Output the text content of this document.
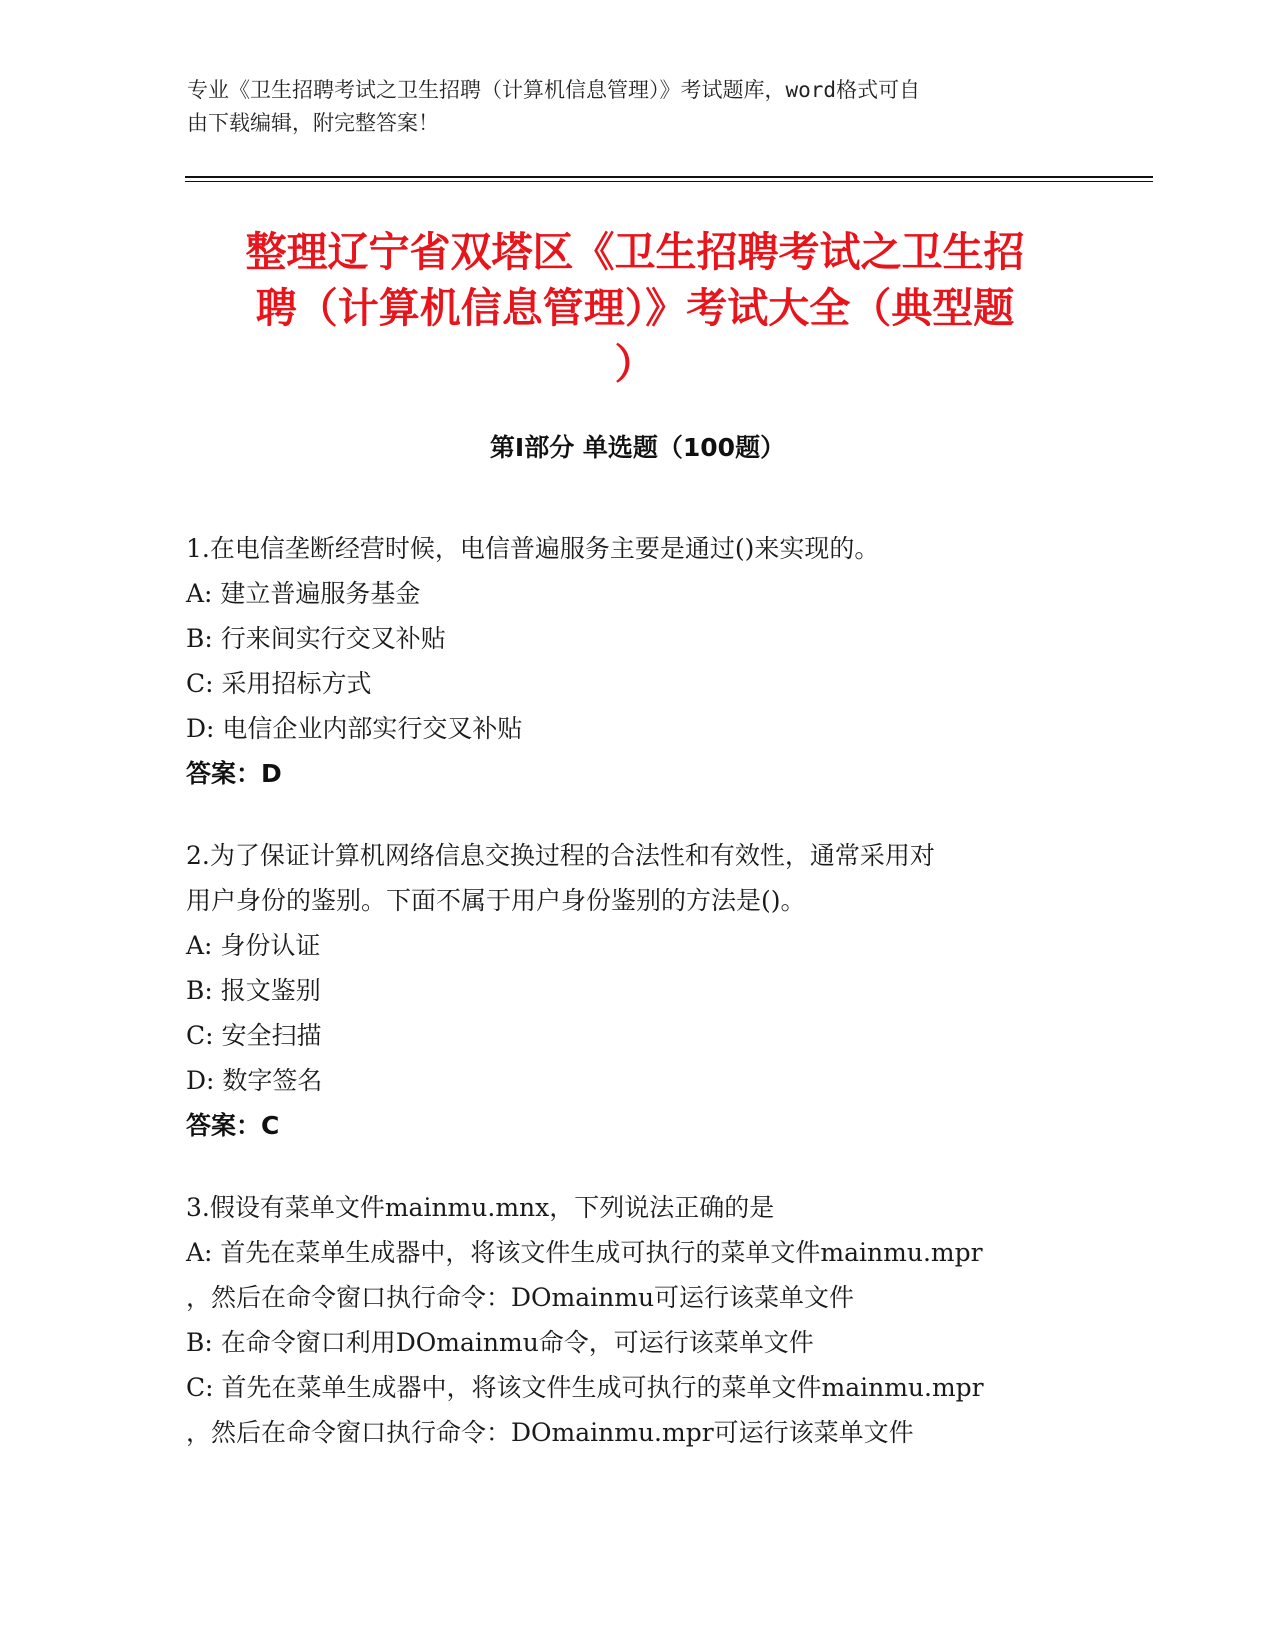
专业《卫生招聘考试之卫生招聘（计算机信息管理）》考试题库，word格式可自
由下载编辑，附完整答案！
整理辽宁省双塔区《卫生招聘考试之卫生招
聘（计算机信息管理）》考试大全（典型题
）
第Ⅰ部分 单选题（100题）
1.在电信垄断经营时候，电信普遍服务主要是通过()来实现的。
A: 建立普遍服务基金
B: 行来间实行交叉补贴
C: 采用招标方式
D: 电信企业内部实行交叉补贴
答案：D
2.为了保证计算机网络信息交换过程的合法性和有效性，通常采用对
用户身份的鉴别。下面不属于用户身份鉴别的方法是()。
A: 身份认证
B: 报文鉴别
C: 安全扫描
D: 数字签名
答案：C
3.假设有菜单文件mainmu.mnx，下列说法正确的是
A: 首先在菜单生成器中，将该文件生成可执行的菜单文件mainmu.mpr
，然后在命令窗口执行命令：DOmainmu可运行该菜单文件
B: 在命令窗口利用DOmainmu命令，可运行该菜单文件
C: 首先在菜单生成器中，将该文件生成可执行的菜单文件mainmu.mpr
，然后在命令窗口执行命令：DOmainmu.mpr可运行该菜单文件
